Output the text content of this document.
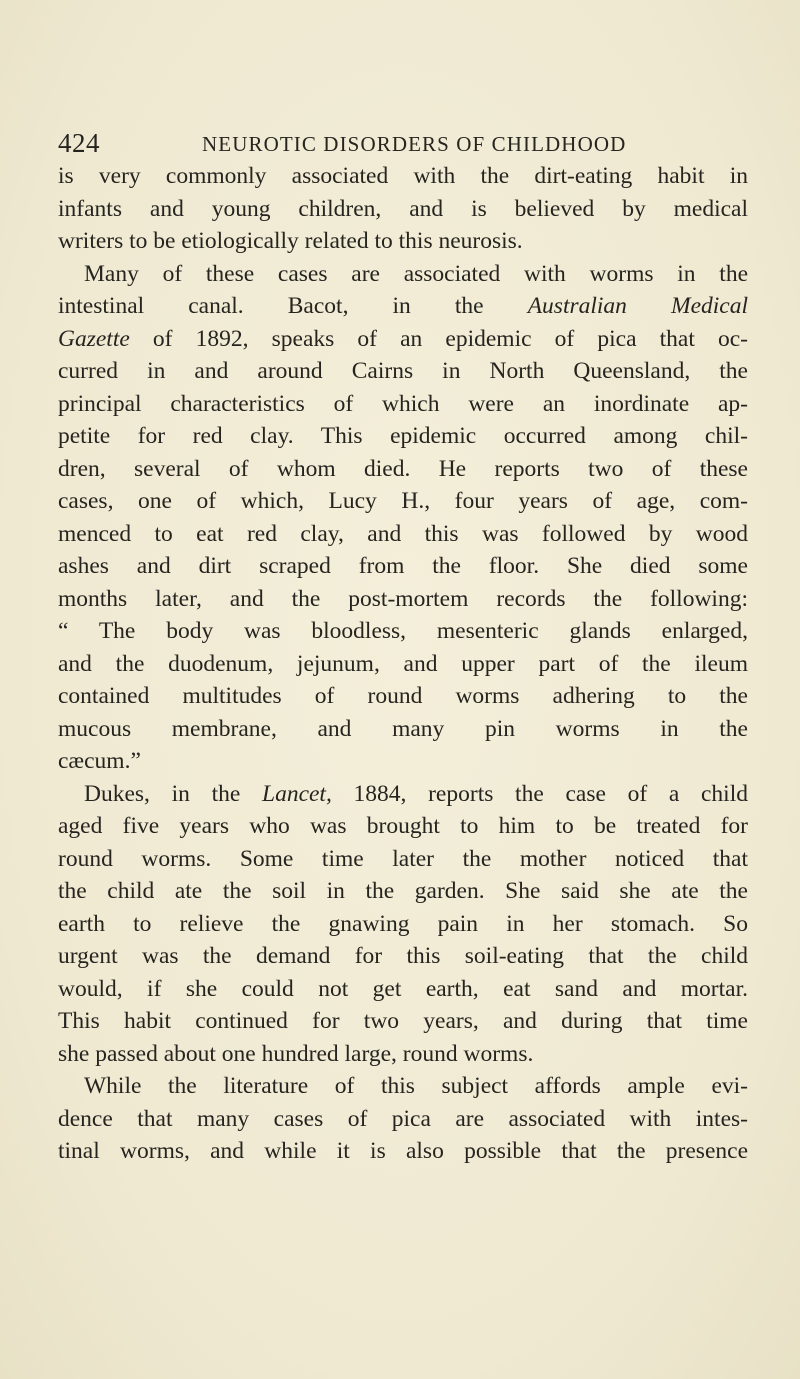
424	NEUROTIC DISORDERS OF CHILDHOOD
is very commonly associated with the dirt-eating habit in
infants and young children, and is believed by medical
writers to be etiologically related to this neurosis.
Many of these cases are associated with worms in the
intestinal canal. Bacot, in the Australian Medical
Gazette of 1892, speaks of an epidemic of pica that oc-
curred in and around Cairns in North Queensland, the
principal characteristics of which were an inordinate ap-
petite for red clay. This epidemic occurred among chil-
dren, several of whom died. He reports two of these
cases, one of which, Lucy H., four years of age, com-
menced to eat red clay, and this was followed by wood
ashes and dirt scraped from the floor. She died some
months later, and the post-mortem records the following:
“ The body was bloodless, mesenteric glands enlarged,
and the duodenum, jejunum, and upper part of the ileum
contained multitudes of round worms adhering to the
mucous membrane, and many pin worms in the
cæcum.”
Dukes, in the Lancet, 1884, reports the case of a child
aged five years who was brought to him to be treated for
round worms. Some time later the mother noticed that
the child ate the soil in the garden. She said she ate the
earth to relieve the gnawing pain in her stomach. So
urgent was the demand for this soil-eating that the child
would, if she could not get earth, eat sand and mortar.
This habit continued for two years, and during that time
she passed about one hundred large, round worms.
While the literature of this subject affords ample evi-
dence that many cases of pica are associated with intes-
tinal worms, and while it is also possible that the presence
